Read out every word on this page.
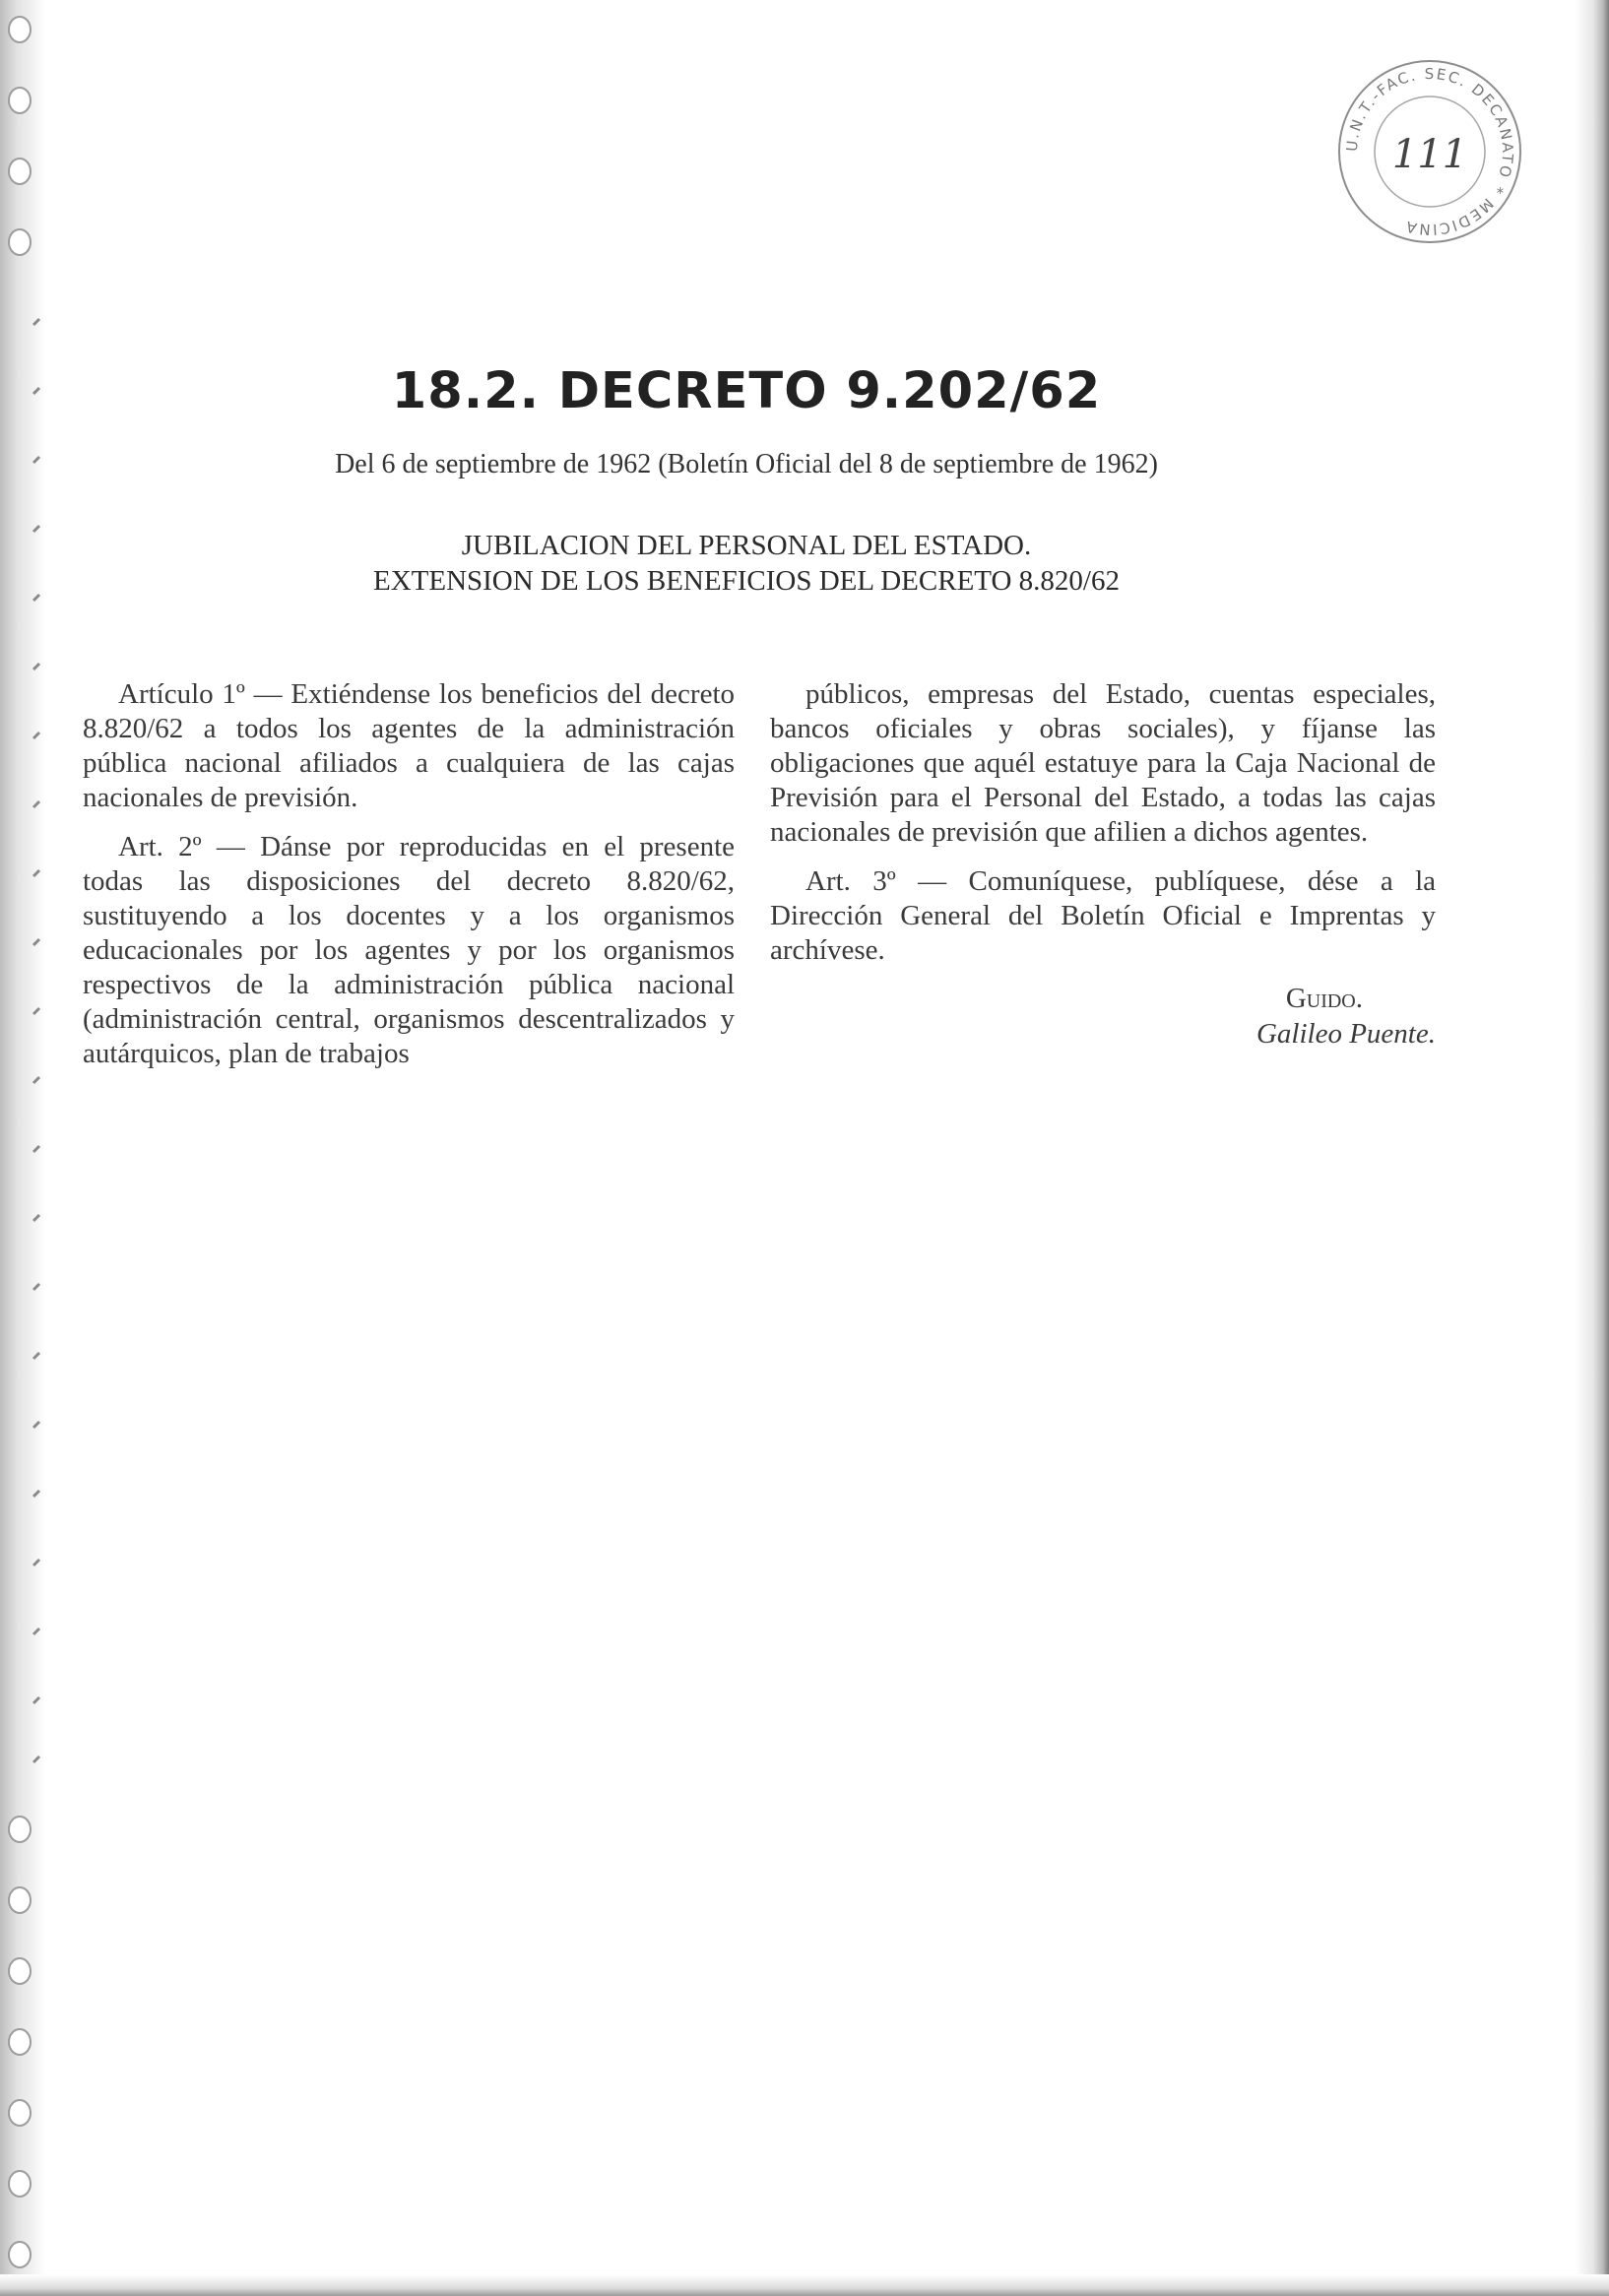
U.N.T.-FAC. SEC. DECANATO * MEDICINA
111
18.2. DECRETO 9.202/62
Del 6 de septiembre de 1962 (Boletín Oficial del 8 de septiembre de 1962)
JUBILACION DEL PERSONAL DEL ESTADO.
EXTENSION DE LOS BENEFICIOS DEL DECRETO 8.820/62

Artículo 1º — Extiéndense los beneficios del decreto 8.820/62 a todos los agentes de la administración pública nacional afiliados a cualquiera de las cajas nacionales de previsión.

Art. 2º — Dánse por reproducidas en el presente todas las disposiciones del decreto 8.820/62, sustituyendo a los docentes y a los organismos educacionales por los agentes y por los organismos respectivos de la administración pública nacional (administración central, organismos descentralizados y autárquicos, plan de trabajos

públicos, empresas del Estado, cuentas especiales, bancos oficiales y obras sociales), y fíjanse las obligaciones que aquél estatuye para la Caja Nacional de Previsión para el Personal del Estado, a todas las cajas nacionales de previsión que afilien a dichos agentes.

Art. 3º — Comuníquese, publíquese, dése a la Dirección General del Boletín Oficial e Imprentas y archívese.

Guido.
Galileo Puente.
